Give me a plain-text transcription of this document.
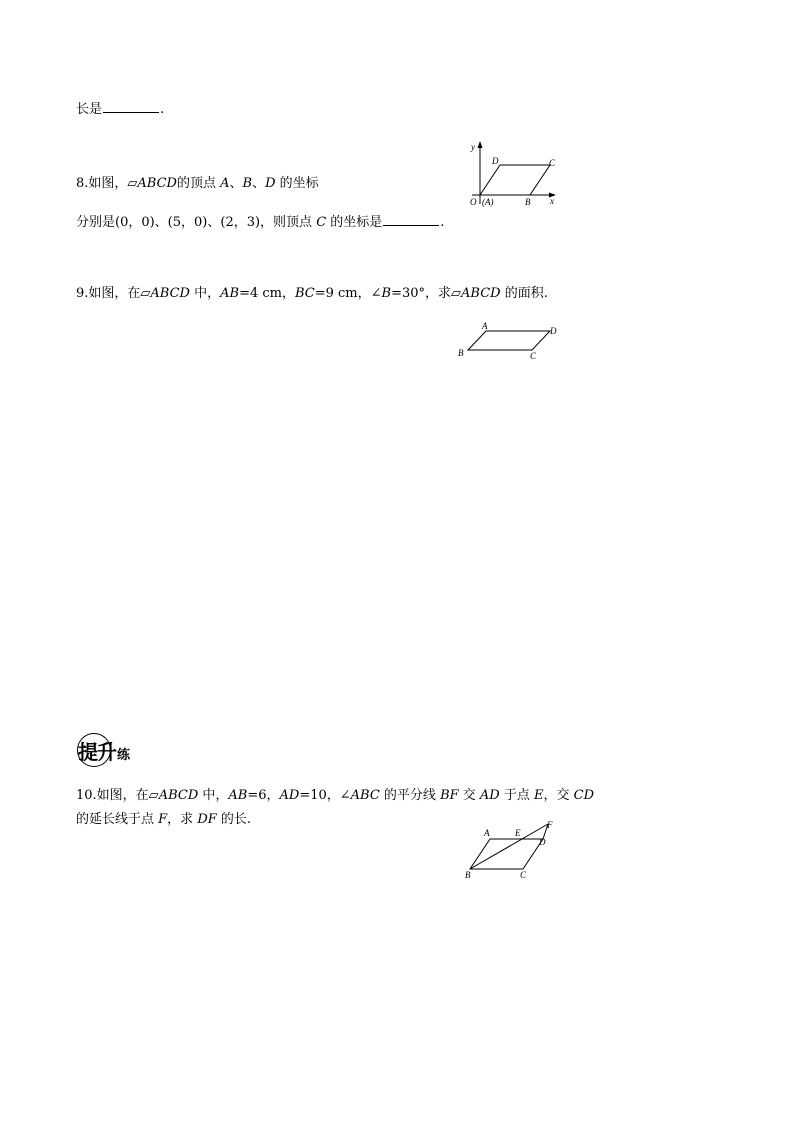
长是	.
8.如图，▱ABCD的顶点 A、B、D 的坐标
分别是(0，0)、(5，0)、(2，3)，则顶点 C 的坐标是	.
y
x
O (A)	B
C
D
9.如图，在▱ABCD 中，AB=4 cm，BC=9 cm，∠B=30°，求▱ABCD 的面积.
A
B	C
D
提升 练
10.如图，在▱ABCD 中，AB=6，AD=10，∠ABC 的平分线 BF 交 AD 于点 E，交 CD
的延长线于点 F，求 DF 的长.
A
B	C
D
E
F
